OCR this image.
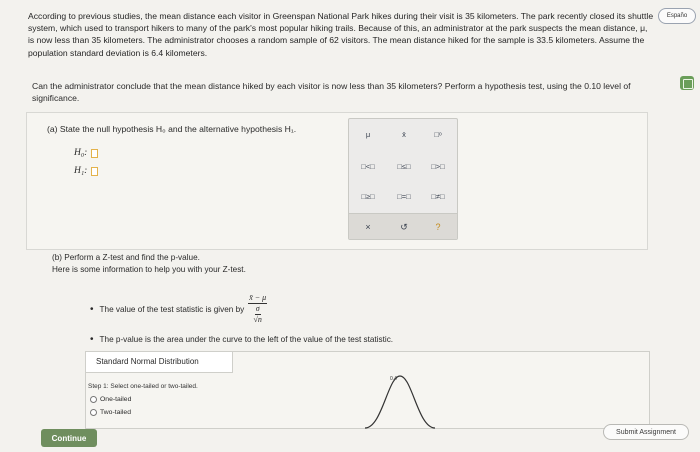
According to previous studies, the mean distance each visitor in Greenspan National Park hikes during their visit is 35 kilometers. The park recently closed its shuttle system, which used to transport hikers to many of the park's most popular hiking trails. Because of this, an administrator at the park suspects the mean distance, μ, is now less than 35 kilometers. The administrator chooses a random sample of 62 visitors. The mean distance hiked for the sample is 33.5 kilometers. Assume the population standard deviation is 6.4 kilometers.
Españo
Can the administrator conclude that the mean distance hiked by each visitor is now less than 35 kilometers? Perform a hypothesis test, using the 0.10 level of significance.
(a) State the null hypothesis H₀ and the alternative hypothesis H₁.
H₀:
H₁:
μ	x̄	□ᵒ
□<□	□≤□	□>□
□≥□	□=□	□≠□
×	↺	?
(b) Perform a Z-test and find the p-value.
Here is some information to help you with your Z-test.
• The value of the test statistic is given by x̄ − μ
σ
√n
• The p-value is the area under the curve to the left of the value of the test statistic.
Standard Normal Distribution
Step 1: Select one-tailed or two-tailed.
One-tailed
Two-tailed
0.4
Continue
Submit Assignment
